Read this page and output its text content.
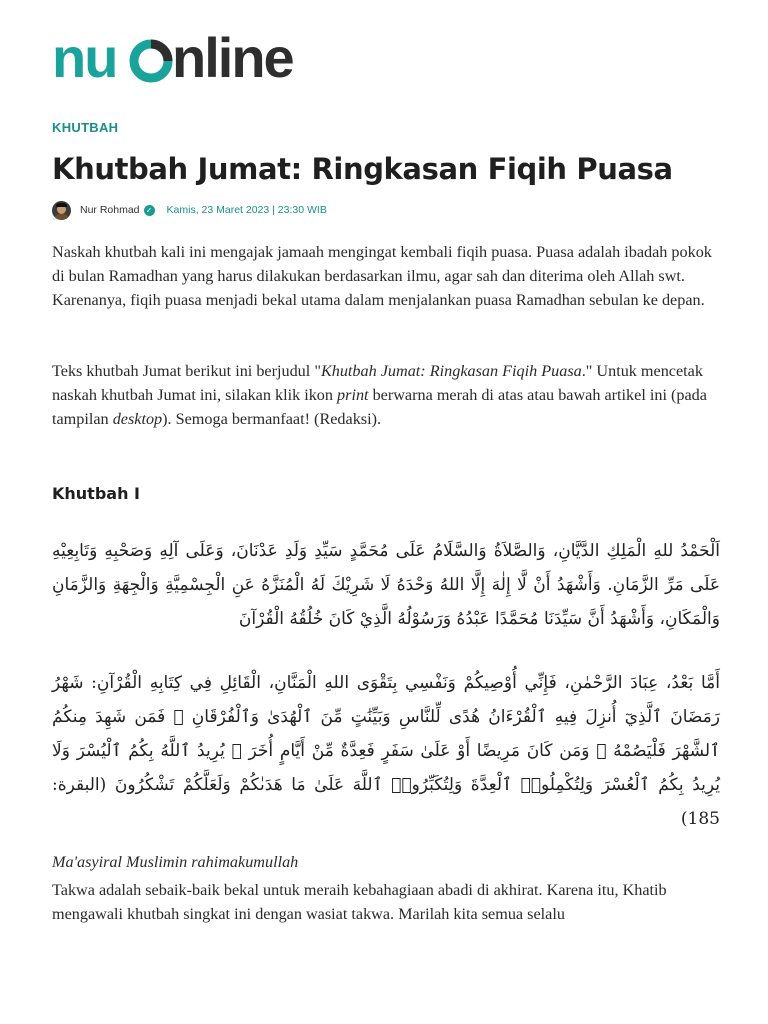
nu nline
KHUTBAH
Khutbah Jumat: Ringkasan Fiqih Puasa
Nur Rohmad ✓ Kamis, 23 Maret 2023 | 23:30 WIB

Naskah khutbah kali ini mengajak jamaah mengingat kembali fiqih puasa. Puasa adalah ibadah pokok di bulan Ramadhan yang harus dilakukan berdasarkan ilmu, agar sah dan diterima oleh Allah swt. Karenanya, fiqih puasa menjadi bekal utama dalam menjalankan puasa Ramadhan sebulan ke depan.

Teks khutbah Jumat berikut ini berjudul "Khutbah Jumat: Ringkasan Fiqih Puasa." Untuk mencetak naskah khutbah Jumat ini, silakan klik ikon print berwarna merah di atas atau bawah artikel ini (pada tampilan desktop). Semoga bermanfaat! (Redaksi).

Khutbah I

اَلْحَمْدُ للهِ الْمَلِكِ الدَّيَّانِ، وَالصَّلاَةُ وَالسَّلَامُ عَلَى مُحَمَّدٍ سَيِّدِ وَلَدِ عَدْنَانَ، وَعَلَى آلِهِ وَصَحْبِهِ وَتَابِعِيْهِ عَلَى مَرِّ الزَّمَانِ. وَأَشْهَدُ أَنْ لَّا إِلٰهَ إِلَّا اللهُ وَحْدَهُ لَا شَرِيْكَ لَهُ الْمُنَزَّهُ عَنِ الْجِسْمِيَّةِ وَالْجِهَةِ وَالزَّمَانِ وَالْمَكَانِ، وَأَشْهَدُ أَنَّ سَيِّدَنَا مُحَمَّدًا عَبْدُهُ وَرَسُوْلُهُ الَّذِيْ كَانَ خُلُقُهُ الْقُرْآنَ

أَمَّا بَعْدُ، عِبَادَ الرَّحْمٰنِ، فَإِنِّي أُوْصِيكُمْ وَنَفْسِي بِتَقْوَى اللهِ الْمَنَّانِ، الْقَائِلِ فِي كِتَابِهِ الْقُرْآنِ: شَهْرُ رَمَضَانَ ٱلَّذِيٓ أُنزِلَ فِيهِ ٱلْقُرْءَانُ هُدًى لِّلنَّاسِ وَبَيِّنَٰتٍ مِّنَ ٱلْهُدَىٰ وَٱلْفُرْقَانِ ۚ فَمَن شَهِدَ مِنكُمُ ٱلشَّهْرَ فَلْيَصُمْهُ ۖ وَمَن كَانَ مَرِيضًا أَوْ عَلَىٰ سَفَرٍ فَعِدَّةٌ مِّنْ أَيَّامٍ أُخَرَ ۗ يُرِيدُ ٱللَّهُ بِكُمُ ٱلْيُسْرَ وَلَا يُرِيدُ بِكُمُ ٱلْعُسْرَ وَلِتُكْمِلُوا۟ ٱلْعِدَّةَ وَلِتُكَبِّرُوا۟ ٱللَّهَ عَلَىٰ مَا هَدَىٰكُمْ وَلَعَلَّكُمْ تَشْكُرُونَ (البقرة: 185)

Ma'asyiral Muslimin rahimakumullah

Takwa adalah sebaik-baik bekal untuk meraih kebahagiaan abadi di akhirat. Karena itu, Khatib mengawali khutbah singkat ini dengan wasiat takwa. Marilah kita semua selalu
